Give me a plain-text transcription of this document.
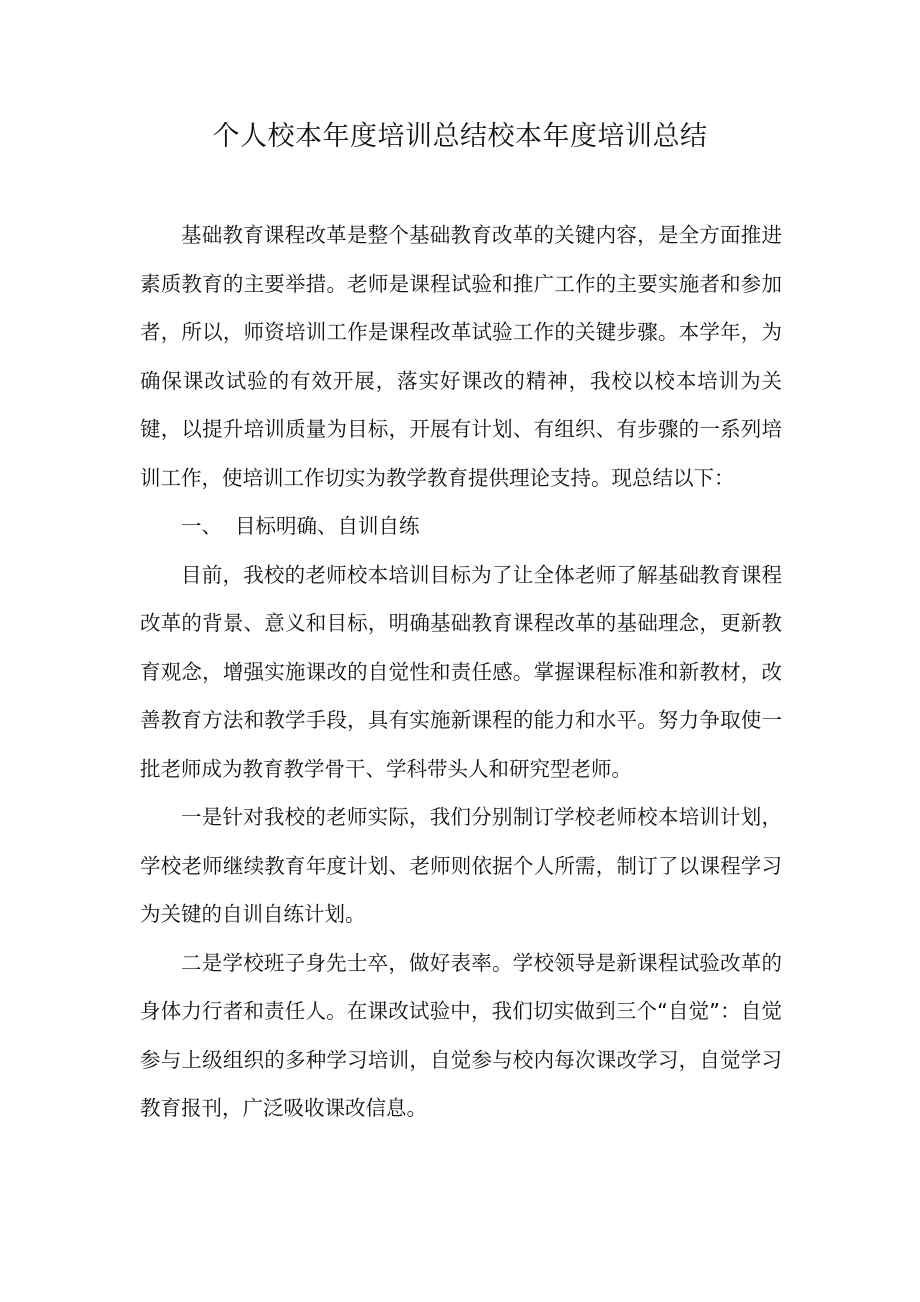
个人校本年度培训总结校本年度培训总结

基础教育课程改革是整个基础教育改革的关键内容，是全方面推进素质教育的主要举措。老师是课程试验和推广工作的主要实施者和参加者，所以，师资培训工作是课程改革试验工作的关键步骤。本学年，为确保课改试验的有效开展，落实好课改的精神，我校以校本培训为关键，以提升培训质量为目标，开展有计划、有组织、有步骤的一系列培训工作，使培训工作切实为教学教育提供理论支持。现总结以下：

一、 目标明确、自训自练

目前，我校的老师校本培训目标为了让全体老师了解基础教育课程改革的背景、意义和目标，明确基础教育课程改革的基础理念，更新教育观念，增强实施课改的自觉性和责任感。掌握课程标准和新教材，改善教育方法和教学手段，具有实施新课程的能力和水平。努力争取使一批老师成为教育教学骨干、学科带头人和研究型老师。

一是针对我校的老师实际，我们分别制订学校老师校本培训计划，学校老师继续教育年度计划、老师则依据个人所需，制订了以课程学习为关键的自训自练计划。

二是学校班子身先士卒，做好表率。学校领导是新课程试验改革的身体力行者和责任人。在课改试验中，我们切实做到三个“自觉”：自觉参与上级组织的多种学习培训，自觉参与校内每次课改学习，自觉学习教育报刊，广泛吸收课改信息。
